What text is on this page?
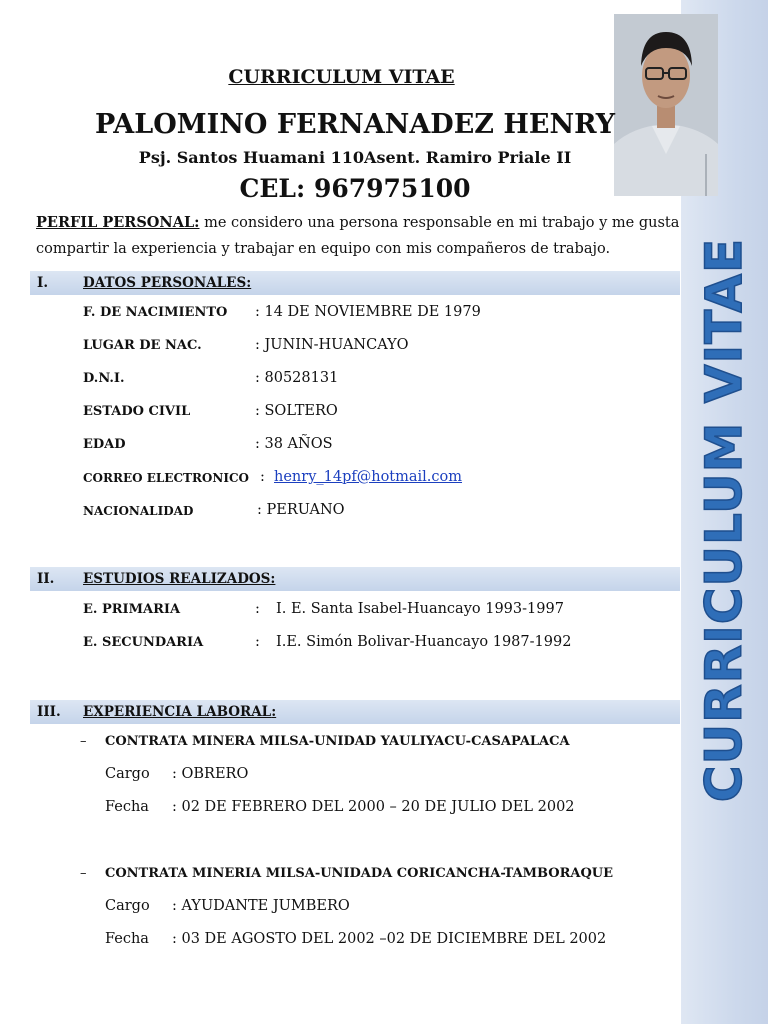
CURRICULUM VITAE
CURRICULUM VITAE
PALOMINO FERNANADEZ HENRY
Psj. Santos Huamani 110Asent. Ramiro Priale II
CEL: 967975100
PERFIL PERSONAL: me considero una persona responsable en mi trabajo y me gusta compartir la experiencia y trabajar en equipo con mis compañeros de trabajo.
I.	DATOS PERSONALES:
F. DE NACIMIENTO : 14 DE NOVIEMBRE DE 1979
LUGAR DE NAC.	: JUNIN-HUANCAYO
D.N.I.	: 80528131
ESTADO CIVIL	: SOLTERO
EDAD	: 38 AÑOS
CORREO ELECTRONICO : henry_14pf@hotmail.com
NACIONALIDAD	: PERUANO
II. ESTUDIOS REALIZADOS:
E. PRIMARIA	: I. E. Santa Isabel-Huancayo 1993-1997
E. SECUNDARIA	: I.E. Simón Bolivar-Huancayo 1987-1992
III. EXPERIENCIA LABORAL:
– CONTRATA MINERA MILSA-UNIDAD YAULIYACU-CASAPALACA
Cargo : OBRERO
Fecha : 02 DE FEBRERO DEL 2000 – 20 DE JULIO DEL 2002
– CONTRATA MINERIA MILSA-UNIDADA CORICANCHA-TAMBORAQUE
Cargo : AYUDANTE JUMBERO
Fecha : 03 DE AGOSTO DEL 2002 –02 DE DICIEMBRE DEL 2002
